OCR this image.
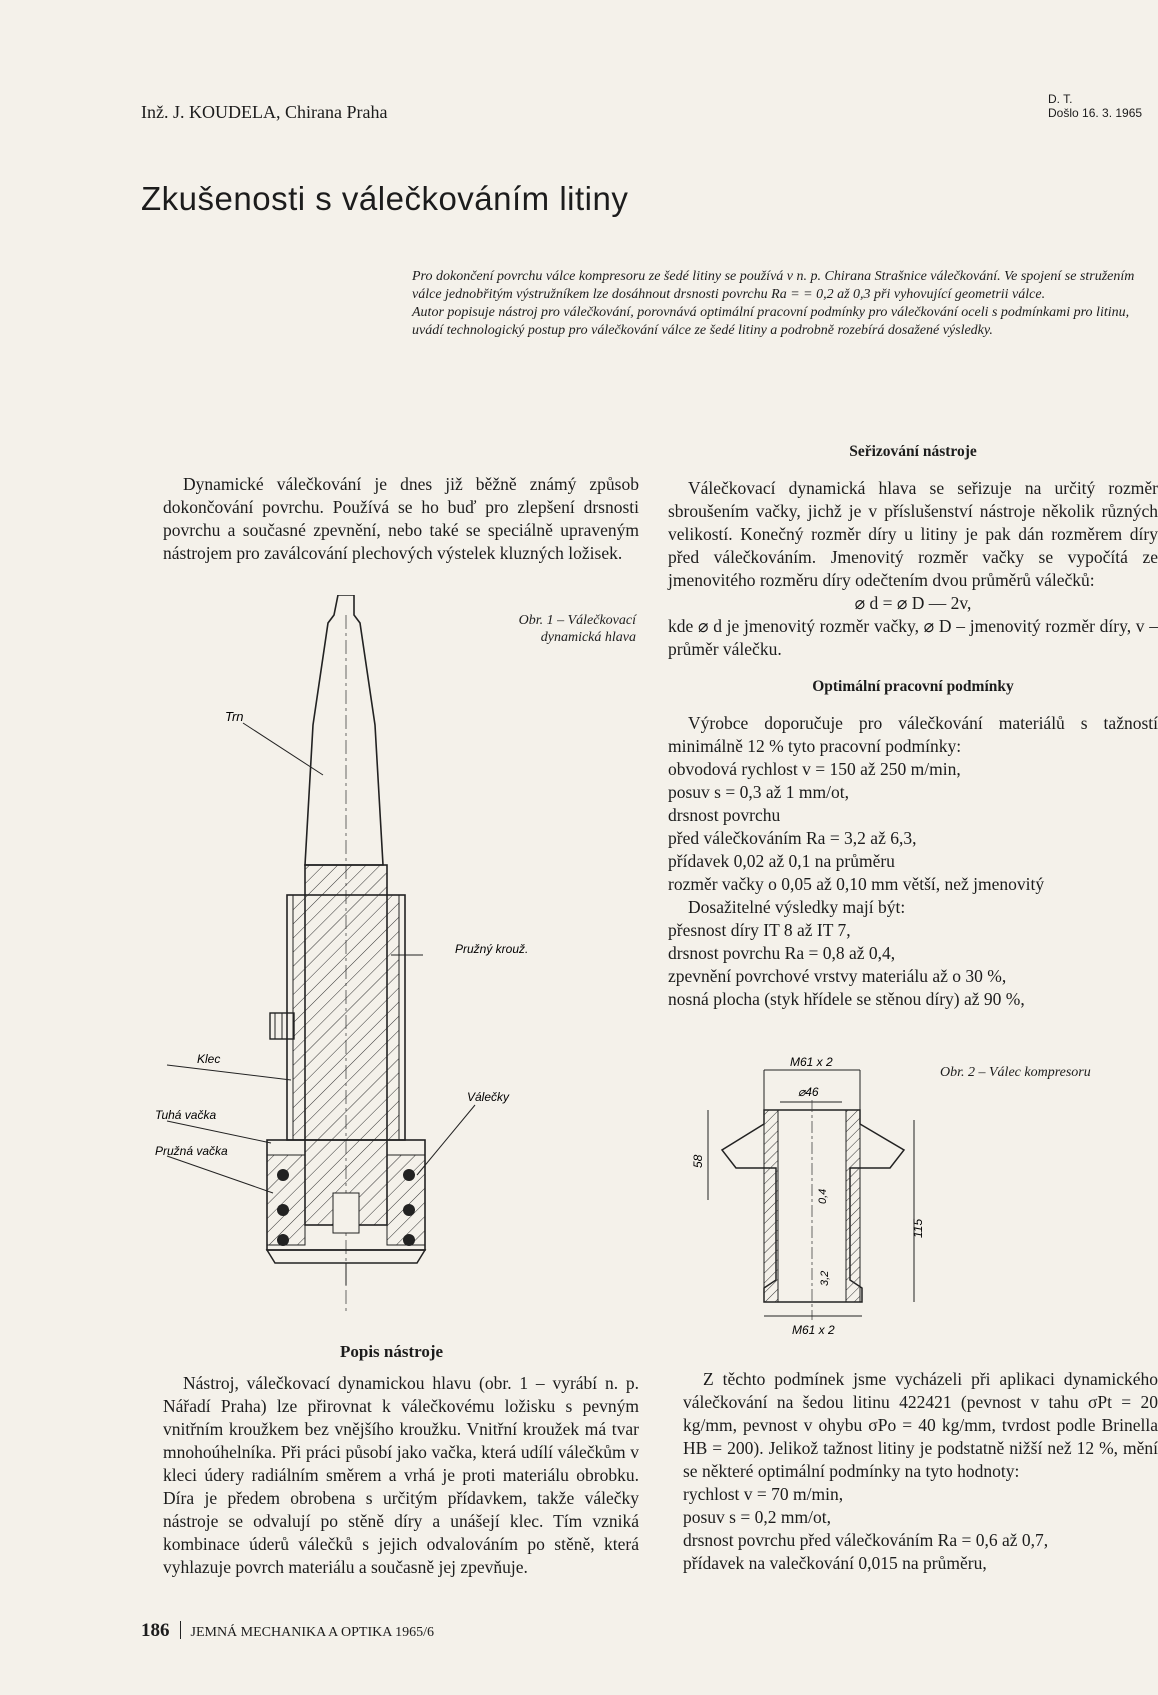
Inž. J. KOUDELA, Chirana Praha
D. T.
Došlo 16. 3. 1965
Zkušenosti s válečkováním litiny

Pro dokončení povrchu válce kompresoru ze šedé litiny se používá v n. p. Chirana Strašnice válečkování. Ve spojení se stružením válce jednobřitým výstružníkem lze dosáhnout drsnosti povrchu Ra = = 0,2 až 0,3 při vyhovující geometrii válce.

Autor popisuje nástroj pro válečkování, porovnává optimální pracovní podmínky pro válečkování oceli s podmínkami pro litinu, uvádí technologický postup pro válečkování válce ze šedé litiny a podrobně rozebírá dosažené výsledky.

Dynamické válečkování je dnes již běžně známý způsob dokončování povrchu. Používá se ho buď pro zlepšení drsnosti povrchu a současné zpevnění, nebo také se speciálně upraveným nástrojem pro zaválcování plechových výstelek kluzných ložisek.

Obr. 1 – Válečkovací dynamická hlava
Trn
Pružný krouž.
Klec
Válečky
Tuhá vačka
Pružná vačka
Popis nástroje

Nástroj, válečkovací dynamickou hlavu (obr. 1 – vyrábí n. p. Nářadí Praha) lze přirovnat k válečkovému ložisku s pevným vnitřním kroužkem bez vnějšího kroužku. Vnitřní kroužek má tvar mnohoúhelníka. Při práci působí jako vačka, která udílí válečkům v kleci údery radiálním směrem a vrhá je proti materiálu obrobku. Díra je předem obrobena s určitým přídavkem, takže válečky nástroje se odvalují po stěně díry a unášejí klec. Tím vzniká kombinace úderů válečků s jejich odvalováním po stěně, která vyhlazuje povrch materiálu a současně jej zpevňuje.

Seřizování nástroje

Válečkovací dynamická hlava se seřizuje na určitý rozměr sbroušením vačky, jichž je v příslušenství nástroje několik různých velikostí. Konečný rozměr díry u litiny je pak dán rozměrem díry před válečkováním. Jmenovitý rozměr vačky se vypočítá ze jmenovitého rozměru díry odečtením dvou průměrů válečků:

⌀ d = ⌀ D — 2v,

kde ⌀ d je jmenovitý rozměr vačky, ⌀ D – jmenovitý rozměr díry, v – průměr válečku.

Optimální pracovní podmínky

Výrobce doporučuje pro válečkování materiálů s tažností minimálně 12 % tyto pracovní podmínky:

obvodová rychlost v = 150 až 250 m/min,

posuv s = 0,3 až 1 mm/ot,

drsnost povrchu

před válečkováním Ra = 3,2 až 6,3,

přídavek 0,02 až 0,1 na průměru

rozměr vačky o 0,05 až 0,10 mm větší, než jmenovitý

Dosažitelné výsledky mají být:

přesnost díry IT 8 až IT 7,

drsnost povrchu Ra = 0,8 až 0,4,

zpevnění povrchové vrstvy materiálu až o 30 %,

nosná plocha (styk hřídele se stěnou díry) až 90 %,

Obr. 2 – Válec kompresoru
M61 x 2
⌀46
58
115
0,4
3,2
M61 x 2

Z těchto podmínek jsme vycházeli při aplikaci dynamického válečkování na šedou litinu 422421 (pevnost v tahu σPt = 20 kg/mm, pevnost v ohybu σPo = 40 kg/mm, tvrdost podle Brinella HB = 200). Jelikož tažnost litiny je podstatně nižší než 12 %, mění se některé optimální podmínky na tyto hodnoty:

rychlost v = 70 m/min,

posuv s = 0,2 mm/ot,

drsnost povrchu před válečkováním Ra = 0,6 až 0,7,

přídavek na valečkování 0,015 na průměru,

186 JEMNÁ MECHANIKA A OPTIKA 1965/6
